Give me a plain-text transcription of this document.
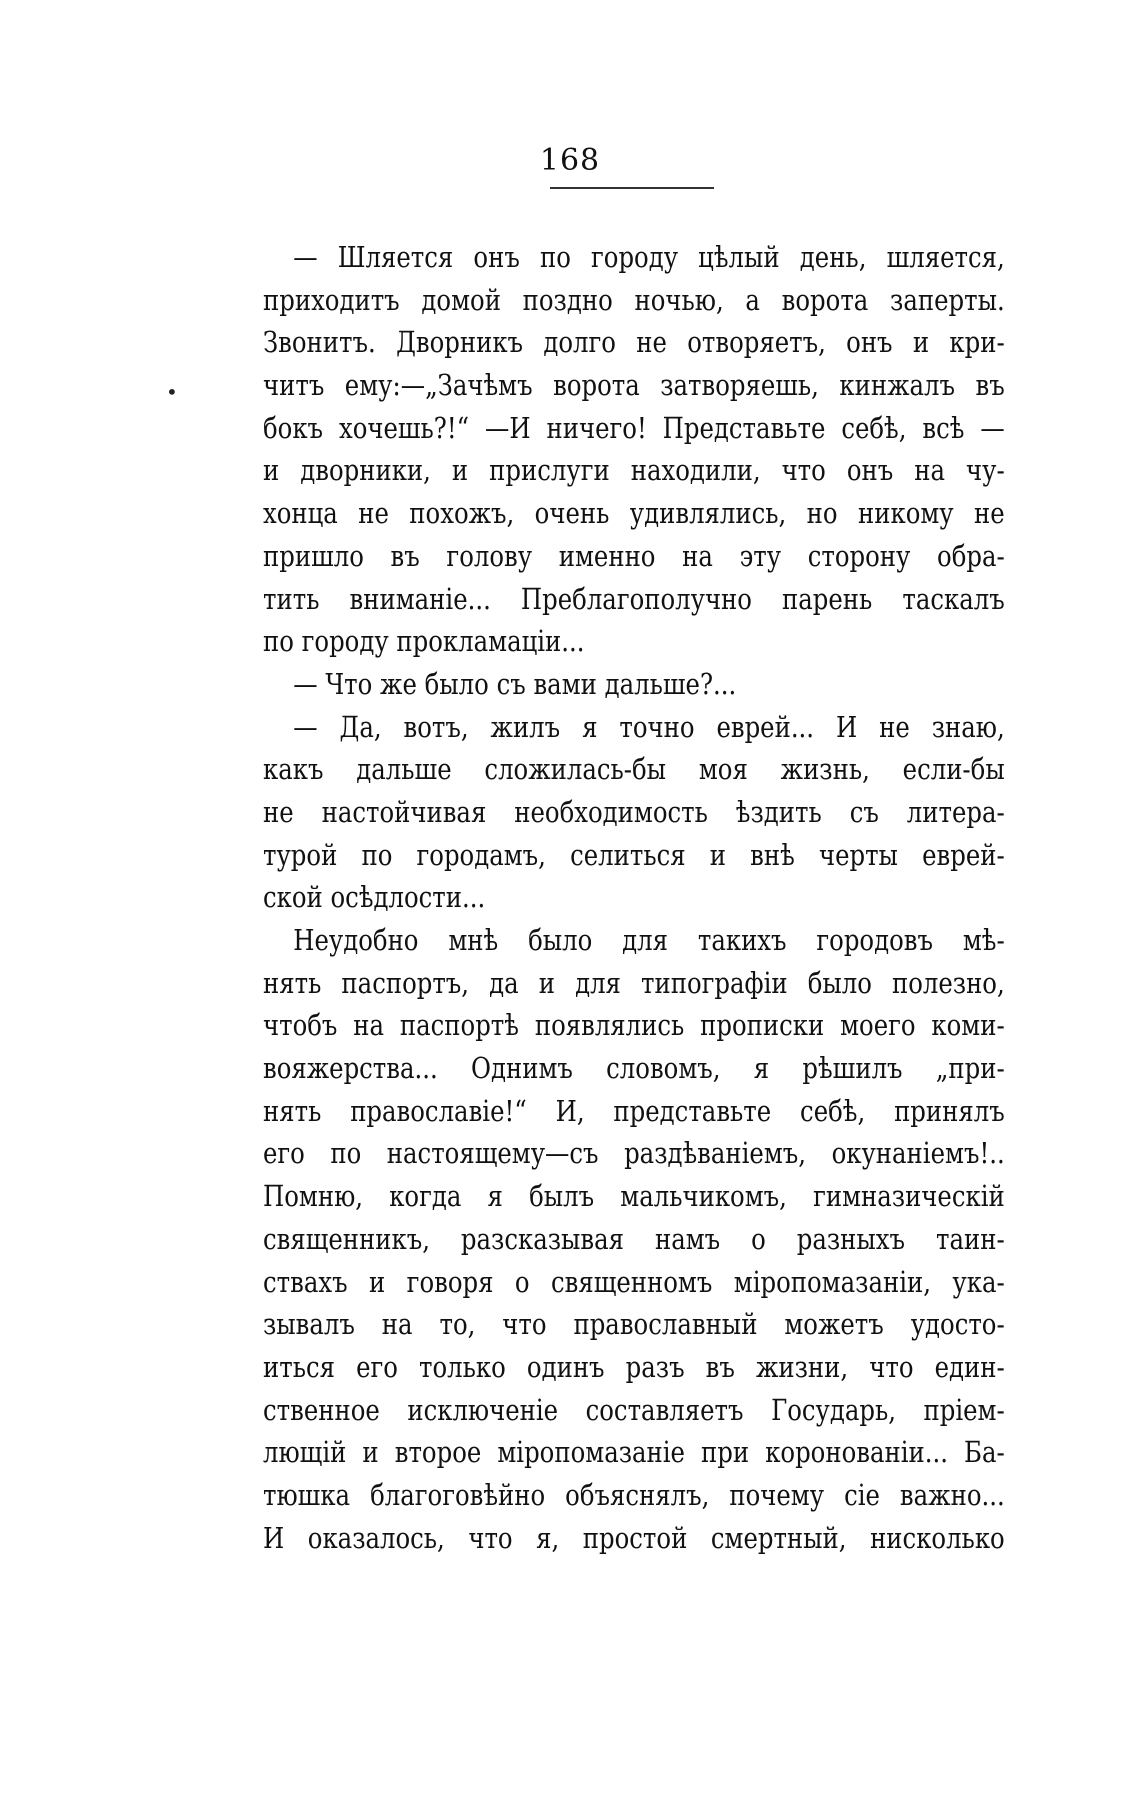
168
•
— Шляется онъ по городу цѣлый день, шляется,
приходитъ домой поздно ночью, а ворота заперты.
Звонитъ. Дворникъ долго не отворяетъ, онъ и кри-
читъ ему:—„Зачѣмъ ворота затворяешь, кинжалъ въ
бокъ хочешь?!“ —И ничего! Представьте себѣ, всѣ —
и дворники, и прислуги находили, что онъ на чу-
хонца не похожъ, очень удивлялись, но никому не
пришло въ голову именно на эту сторону обра-
тить вниманіе... Преблагополучно парень таскалъ
по городу прокламаціи...
— Что же было съ вами дальше?...
— Да, вотъ, жилъ я точно еврей... И не знаю,
какъ дальше сложилась-бы моя жизнь, если-бы
не настойчивая необходимость ѣздить съ литера-
турой по городамъ, селиться и внѣ черты еврей-
ской осѣдлости...
Неудобно мнѣ было для такихъ городовъ мѣ-
нять паспортъ, да и для типографіи было полезно,
чтобъ на паспортѣ появлялись прописки моего коми-
вояжерства... Однимъ словомъ, я рѣшилъ „при-
нять православіе!“ И, представьте себѣ, принялъ
его по настоящему—съ раздѣваніемъ, окунаніемъ!..
Помню, когда я былъ мальчикомъ, гимназическій
священникъ, разсказывая намъ о разныхъ таин-
ствахъ и говоря о священномъ міропомазаніи, ука-
зывалъ на то, что православный можетъ удосто-
иться его только одинъ разъ въ жизни, что един-
ственное исключеніе составляетъ Государь, пріем-
лющій и второе міропомазаніе при коронованіи... Ба-
тюшка благоговѣйно объяснялъ, почему сіе важно...
И оказалось, что я, простой смертный, нисколько
